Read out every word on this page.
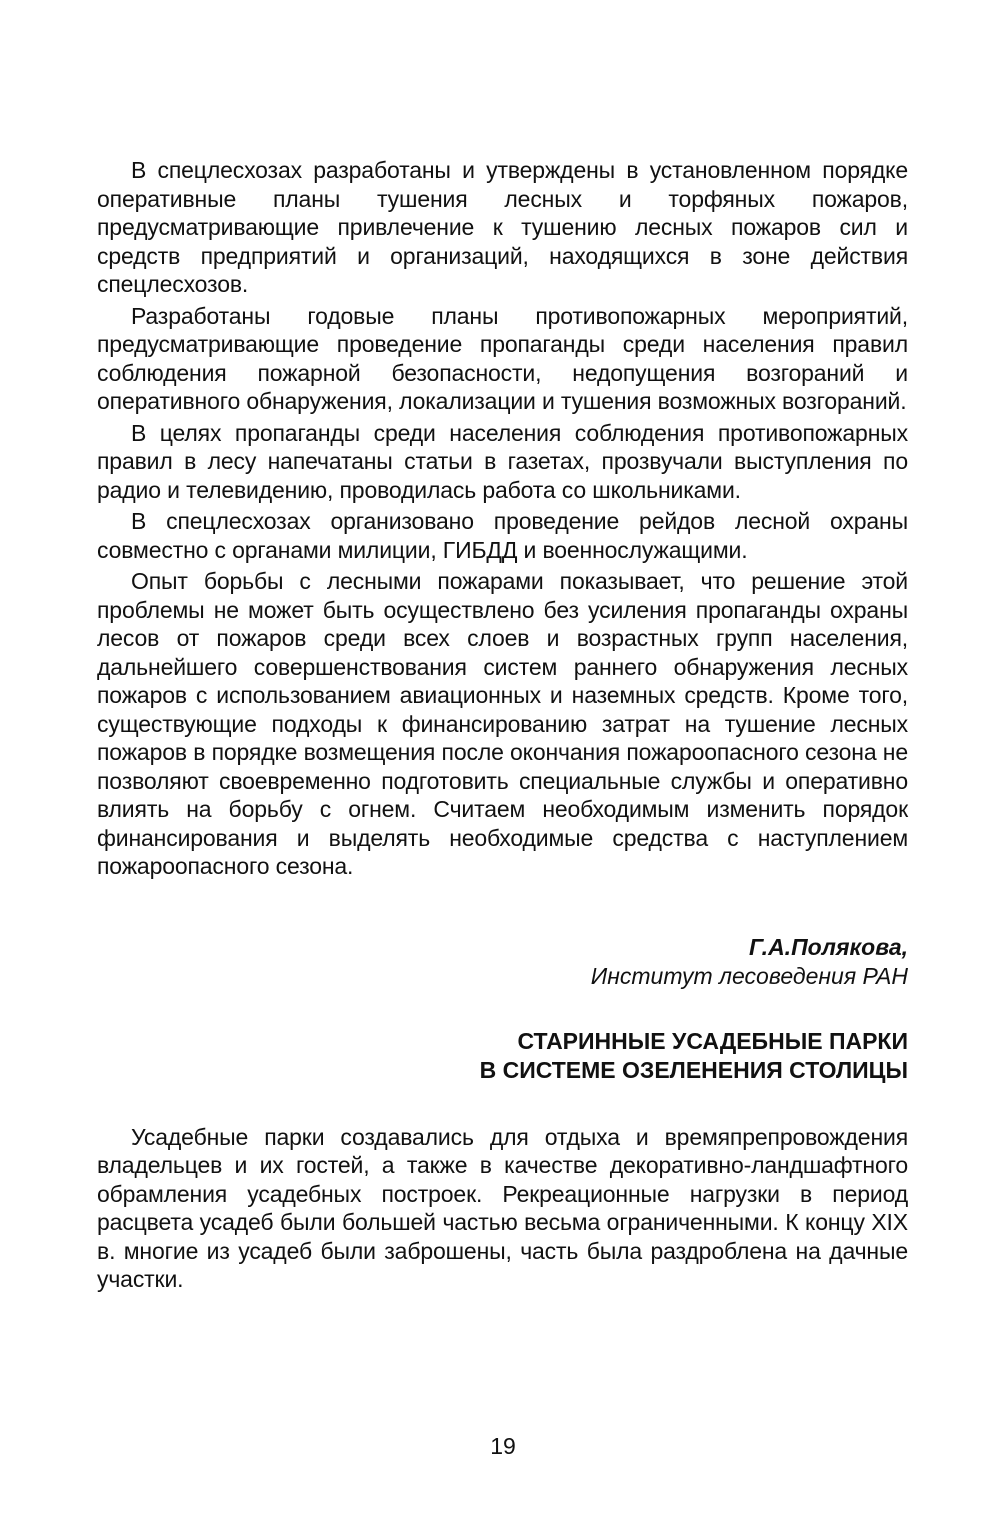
В спецлесхозах разработаны и утверждены в установленном порядке оперативные планы тушения лесных и торфяных пожаров, предусматривающие привлечение к тушению лесных пожаров сил и средств предприятий и организаций, находящихся в зоне действия спецлесхозов.

Разработаны годовые планы противопожарных мероприятий, предусматривающие проведение пропаганды среди населения правил соблюдения пожарной безопасности, недопущения возгораний и оперативного обнаружения, локализации и тушения возможных возгораний.

В целях пропаганды среди населения соблюдения противопожарных правил в лесу напечатаны статьи в газетах, прозвучали выступления по радио и телевидению, проводилась работа со школьниками.

В спецлесхозах организовано проведение рейдов лесной охраны совместно с органами милиции, ГИБДД и военнослужащими.

Опыт борьбы с лесными пожарами показывает, что решение этой проблемы не может быть осуществлено без усиления пропаганды охраны лесов от пожаров среди всех слоев и возрастных групп населения, дальнейшего совершенствования систем раннего обнаружения лесных пожаров с использованием авиационных и наземных средств. Кроме того, существующие подходы к финансированию затрат на тушение лесных пожаров в порядке возмещения после окончания пожароопасного сезона не позволяют своевременно подготовить специальные службы и оперативно влиять на борьбу с огнем. Считаем необходимым изменить порядок финансирования и выделять необходимые средства с наступлением пожароопасного сезона.

Г.А.Полякова,
Институт лесоведения РАН
СТАРИННЫЕ УСАДЕБНЫЕ ПАРКИ
В СИСТЕМЕ ОЗЕЛЕНЕНИЯ СТОЛИЦЫ

Усадебные парки создавались для отдыха и времяпрепровождения владельцев и их гостей, а также в качестве декоративно-ландшафтного обрамления усадебных построек. Рекреационные нагрузки в период расцвета усадеб были большей частью весьма ограниченными. К концу XIX в. многие из усадеб были заброшены, часть была раздроблена на дачные участки.

19
